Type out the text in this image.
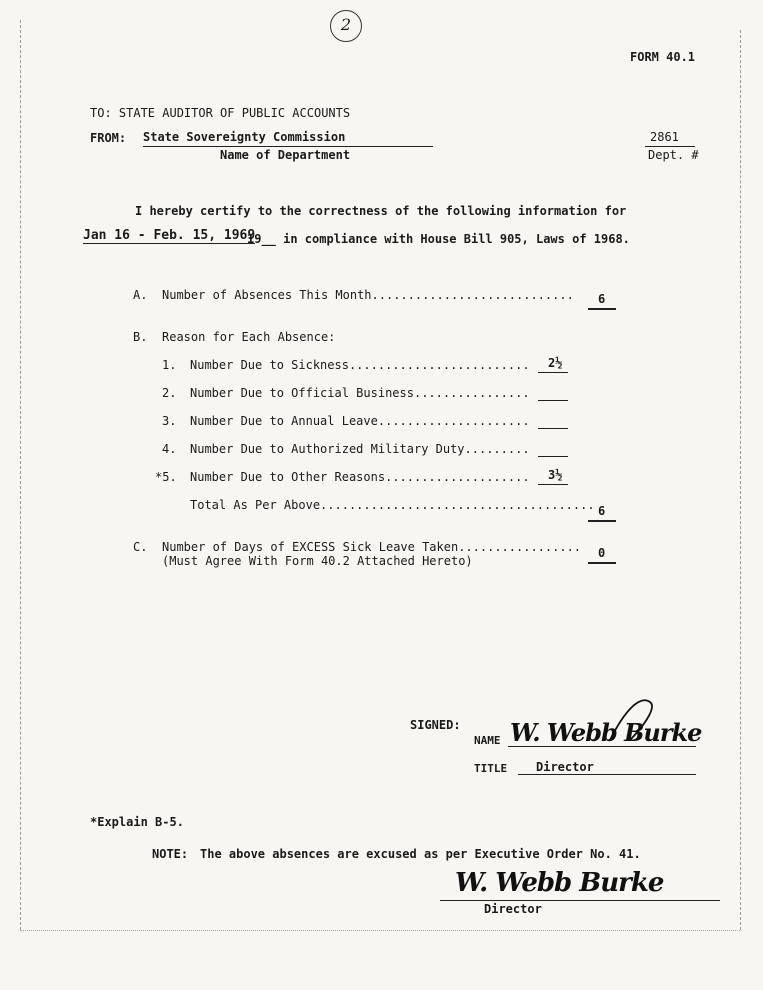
2
FORM 40.1
TO: STATE AUDITOR OF PUBLIC ACCOUNTS
FROM: State Sovereignty Commission
Name of Department
2861
Dept. #
I hereby certify to the correctness of the following information for
Jan 16 - Feb. 15, 1969
19__ in compliance with House Bill 905, Laws of 1968.
A. Number of Absences This Month............................ 6
B. Reason for Each Absence:
1. Number Due to Sickness......................... 2½
2. Number Due to Official Business................
3. Number Due to Annual Leave.....................
4. Number Due to Authorized Military Duty.........
*5. Number Due to Other Reasons.................... 3½
Total As Per Above...................................... 6
C. Number of Days of EXCESS Sick Leave Taken.................
(Must Agree With Form 40.2 Attached Hereto)
0
SIGNED:
NAME W. Webb Burke
TITLE Director
*Explain B-5.
NOTE: The above absences are excused as per Executive Order No. 41.
W. Webb Burke
Director
